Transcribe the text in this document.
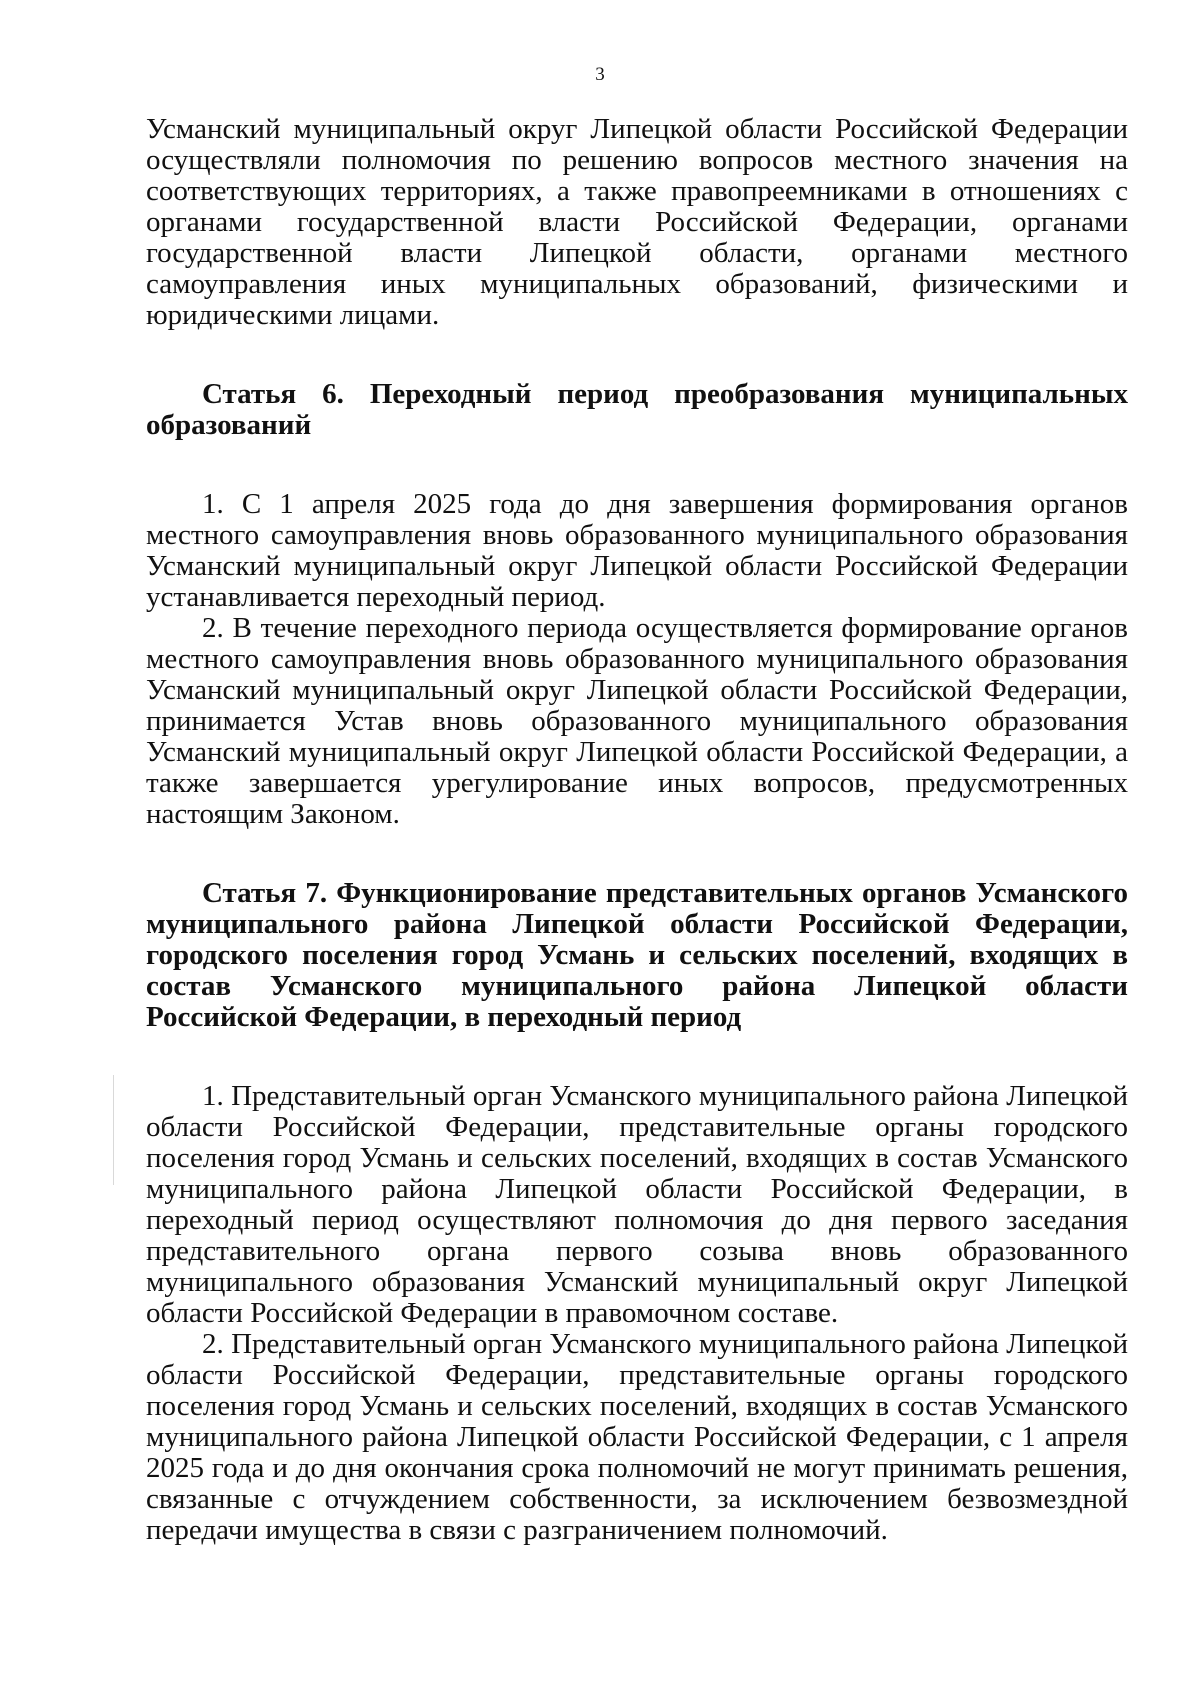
3

Усманский муниципальный округ Липецкой области Российской Федерации осуществляли полномочия по решению вопросов местного значения на соответствующих территориях, а также правопреемниками в отношениях с органами государственной власти Российской Федерации, органами государственной власти Липецкой области, органами местного самоуправления иных муниципальных образований, физическими и юридическими лицами.

Статья 6. Переходный период преобразования муниципальных образований

1. С 1 апреля 2025 года до дня завершения формирования органов местного самоуправления вновь образованного муниципального образования Усманский муниципальный округ Липецкой области Российской Федерации устанавливается переходный период.

2. В течение переходного периода осуществляется формирование органов местного самоуправления вновь образованного муниципального образования Усманский муниципальный округ Липецкой области Российской Федерации, принимается Устав вновь образованного муниципального образования Усманский муниципальный округ Липецкой области Российской Федерации, а также завершается урегулирование иных вопросов, предусмотренных настоящим Законом.

Статья 7. Функционирование представительных органов Усманского муниципального района Липецкой области Российской Федерации, городского поселения город Усмань и сельских поселений, входящих в состав Усманского муниципального района Липецкой области Российской Федерации, в переходный период

1. Представительный орган Усманского муниципального района Липецкой области Российской Федерации, представительные органы городского поселения город Усмань и сельских поселений, входящих в состав Усманского муниципального района Липецкой области Российской Федерации, в переходный период осуществляют полномочия до дня первого заседания представительного органа первого созыва вновь образованного муниципального образования Усманский муниципальный округ Липецкой области Российской Федерации в правомочном составе.

2. Представительный орган Усманского муниципального района Липецкой области Российской Федерации, представительные органы городского поселения город Усмань и сельских поселений, входящих в состав Усманского муниципального района Липецкой области Российской Федерации, с 1 апреля 2025 года и до дня окончания срока полномочий не могут принимать решения, связанные с отчуждением собственности, за исключением безвозмездной передачи имущества в связи с разграничением полномочий.
